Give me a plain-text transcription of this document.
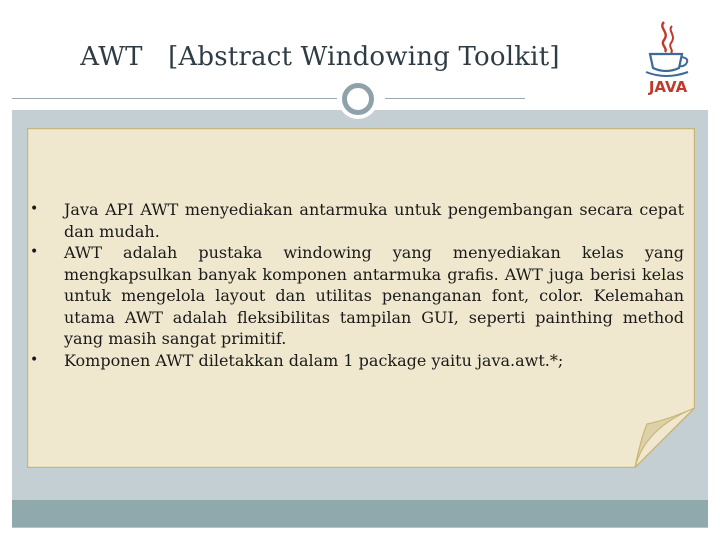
AWT   [Abstract Windowing Toolkit]
JAVA
• Java API AWT menyediakan antarmuka untuk pengembangan secara cepat dan mudah.
• AWT adalah pustaka windowing yang menyediakan kelas yang mengkapsulkan banyak komponen antarmuka grafis. AWT juga berisi kelas untuk mengelola layout dan utilitas penanganan font, color. Kelemahan utama AWT adalah fleksibilitas tampilan GUI, seperti painthing method yang masih sangat primitif.
• Komponen AWT diletakkan dalam 1 package yaitu java.awt.*;
